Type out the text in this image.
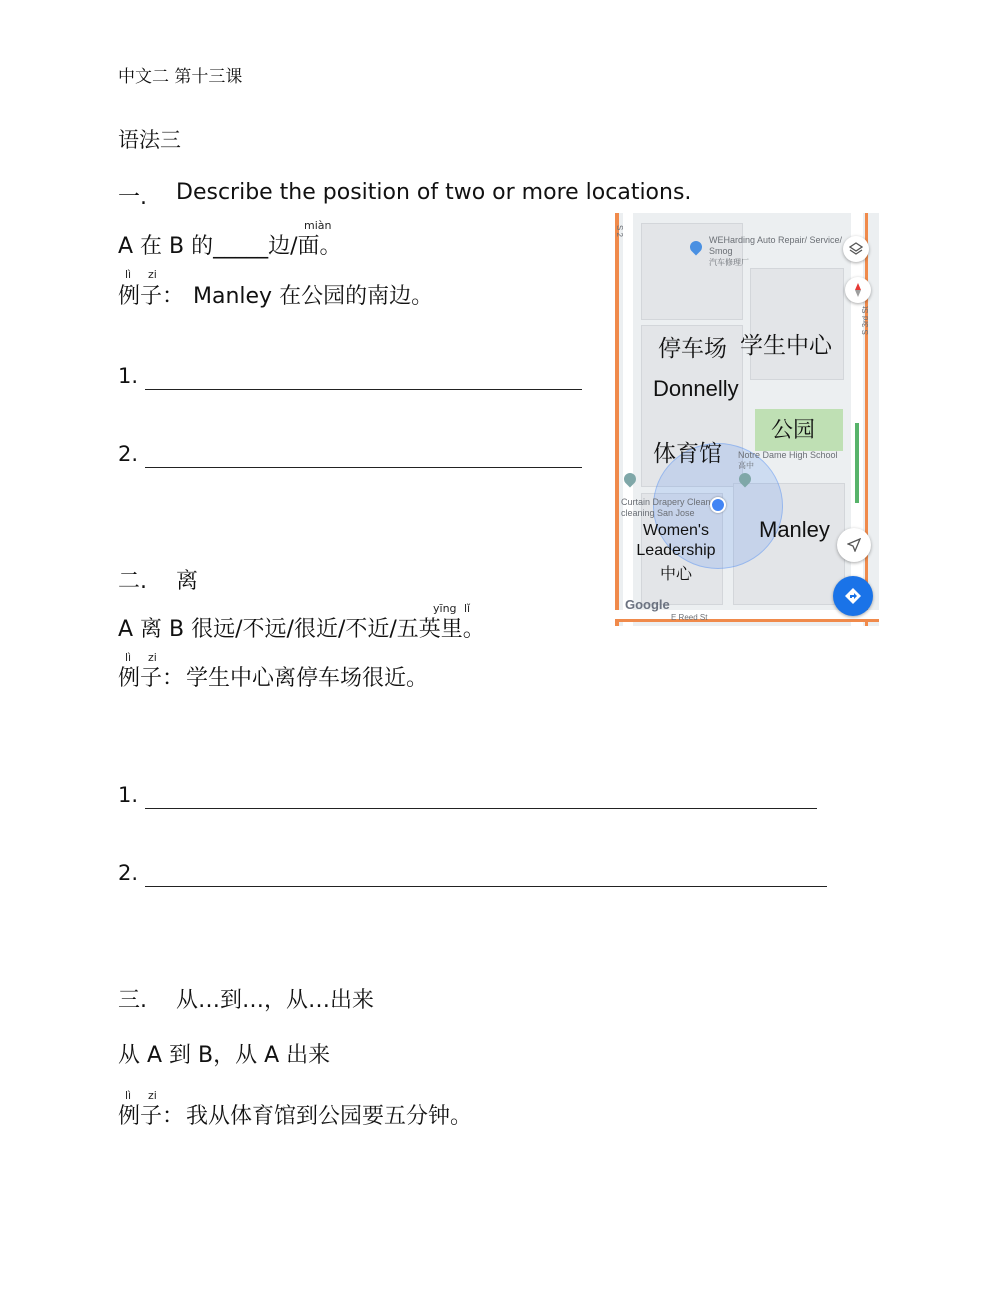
中文二 第十三课
语法三
一. Describe the position of two or more locations.
miàn
A 在 B 的_____边/面。
lì zi
例子： Manley 在公园的南边。
1.
2.
S 2
S 3rd St
E Reed St
WEHarding Auto Repair/ Service/ Smog
汽车修理厂
Notre Dame High School
高中
Curtain Drapery Clean cleaning San Jose
Google
停车场 学生中心
Donnelly
公园
体育馆
Manley
Women's
Leadership
中心
二. 离
yīng lǐ
A 离 B 很远/不远/很近/不近/五英里。
lì zi
例子： 学生中心离停车场很近。
1.
2.
三. 从…到…，从…出来
从 A 到 B，从 A 出来
lì zi
例子： 我从体育馆到公园要五分钟。
